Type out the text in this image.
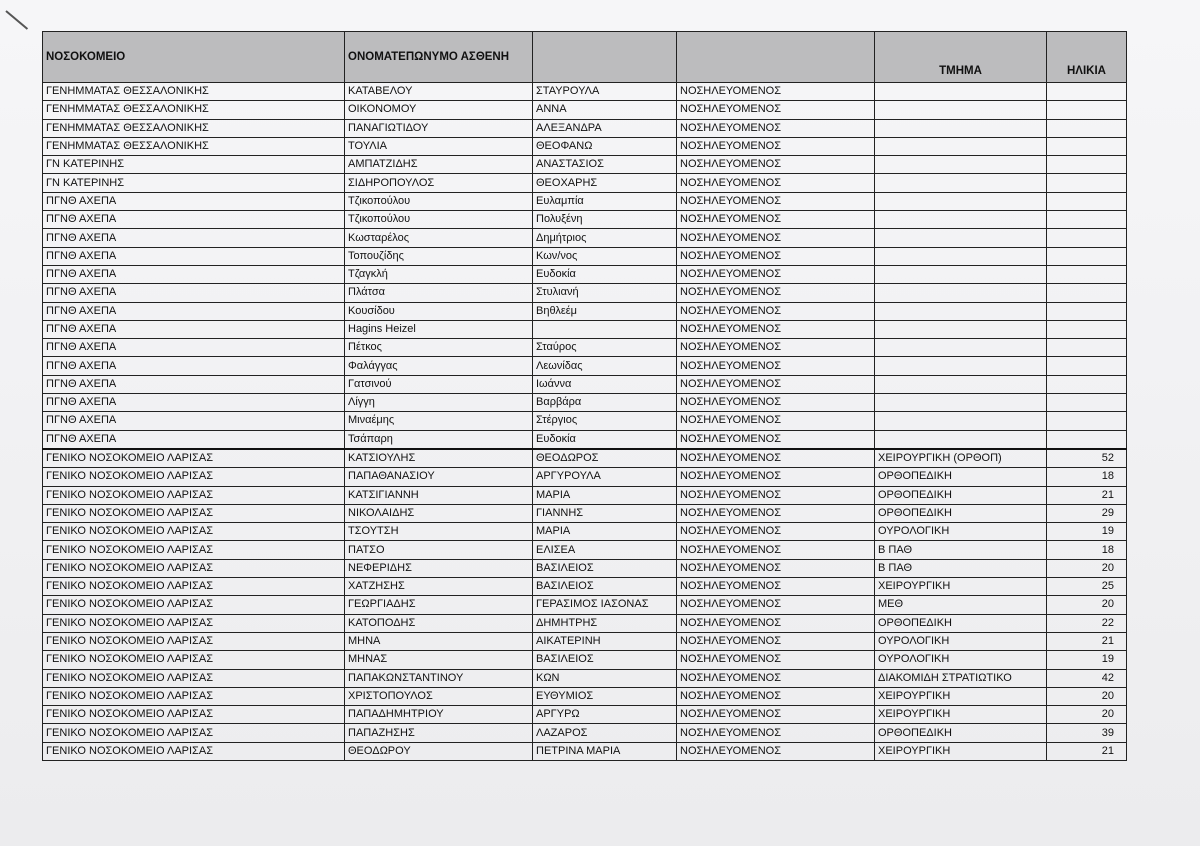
ΝΟΣΟΚΟΜΕΙΟ	ΟΝΟΜΑΤΕΠΩΝΥΜΟ ΑΣΘΕΝΗ			ΤΜΗΜΑ	ΗΛΙΚΙΑ
ΓΕΝΗΜΜΑΤΑΣ ΘΕΣΣΑΛΟΝΙΚΗΣ	ΚΑΤΑΒΕΛΟΥ	ΣΤΑΥΡΟΥΛΑ	ΝΟΣΗΛΕΥΟΜΕΝΟΣ		
ΓΕΝΗΜΜΑΤΑΣ ΘΕΣΣΑΛΟΝΙΚΗΣ	ΟΙΚΟΝΟΜΟΥ	ΑΝΝΑ	ΝΟΣΗΛΕΥΟΜΕΝΟΣ		
ΓΕΝΗΜΜΑΤΑΣ ΘΕΣΣΑΛΟΝΙΚΗΣ	ΠΑΝΑΓΙΩΤΙΔΟΥ	ΑΛΕΞΑΝΔΡΑ	ΝΟΣΗΛΕΥΟΜΕΝΟΣ		
ΓΕΝΗΜΜΑΤΑΣ ΘΕΣΣΑΛΟΝΙΚΗΣ	ΤΟΥΛΙΑ	ΘΕΟΦΑΝΩ	ΝΟΣΗΛΕΥΟΜΕΝΟΣ		
ΓΝ ΚΑΤΕΡΙΝΗΣ	ΑΜΠΑΤΖΙΔΗΣ	ΑΝΑΣΤΑΣΙΟΣ	ΝΟΣΗΛΕΥΟΜΕΝΟΣ		
ΓΝ ΚΑΤΕΡΙΝΗΣ	ΣΙΔΗΡΟΠΟΥΛΟΣ	ΘΕΟΧΑΡΗΣ	ΝΟΣΗΛΕΥΟΜΕΝΟΣ		
ΠΓΝΘ ΑΧΕΠΑ	Τζικοπούλου	Ευλαμπία	ΝΟΣΗΛΕΥΟΜΕΝΟΣ		
ΠΓΝΘ ΑΧΕΠΑ	Τζικοπούλου	Πολυξένη	ΝΟΣΗΛΕΥΟΜΕΝΟΣ		
ΠΓΝΘ ΑΧΕΠΑ	Κωσταρέλος	Δημήτριος	ΝΟΣΗΛΕΥΟΜΕΝΟΣ		
ΠΓΝΘ ΑΧΕΠΑ	Τοπουζίδης	Κων/νος	ΝΟΣΗΛΕΥΟΜΕΝΟΣ		
ΠΓΝΘ ΑΧΕΠΑ	Τζαγκλή	Ευδοκία	ΝΟΣΗΛΕΥΟΜΕΝΟΣ		
ΠΓΝΘ ΑΧΕΠΑ	Πλάτσα	Στυλιανή	ΝΟΣΗΛΕΥΟΜΕΝΟΣ		
ΠΓΝΘ ΑΧΕΠΑ	Κουσίδου	Βηθλεέμ	ΝΟΣΗΛΕΥΟΜΕΝΟΣ		
ΠΓΝΘ ΑΧΕΠΑ	Hagins Heizel		ΝΟΣΗΛΕΥΟΜΕΝΟΣ		
ΠΓΝΘ ΑΧΕΠΑ	Πέτκος	Σταύρος	ΝΟΣΗΛΕΥΟΜΕΝΟΣ		
ΠΓΝΘ ΑΧΕΠΑ	Φαλάγγας	Λεωνίδας	ΝΟΣΗΛΕΥΟΜΕΝΟΣ		
ΠΓΝΘ ΑΧΕΠΑ	Γατσινού	Ιωάννα	ΝΟΣΗΛΕΥΟΜΕΝΟΣ		
ΠΓΝΘ ΑΧΕΠΑ	Λίγγη	Βαρβάρα	ΝΟΣΗΛΕΥΟΜΕΝΟΣ		
ΠΓΝΘ ΑΧΕΠΑ	Μιναέμης	Στέργιος	ΝΟΣΗΛΕΥΟΜΕΝΟΣ		
ΠΓΝΘ ΑΧΕΠΑ	Τσάπαρη	Ευδοκία	ΝΟΣΗΛΕΥΟΜΕΝΟΣ		
ΓΕΝΙΚΟ ΝΟΣΟΚΟΜΕΙΟ ΛΑΡΙΣΑΣ	ΚΑΤΣΙΟΥΛΗΣ	ΘΕΟΔΩΡΟΣ	ΝΟΣΗΛΕΥΟΜΕΝΟΣ	ΧΕΙΡΟΥΡΓΙΚΗ (ΟΡΘΟΠ)	52
ΓΕΝΙΚΟ ΝΟΣΟΚΟΜΕΙΟ ΛΑΡΙΣΑΣ	ΠΑΠΑΘΑΝΑΣΙΟΥ	ΑΡΓΥΡΟΥΛΑ	ΝΟΣΗΛΕΥΟΜΕΝΟΣ	ΟΡΘΟΠΕΔΙΚΗ	18
ΓΕΝΙΚΟ ΝΟΣΟΚΟΜΕΙΟ ΛΑΡΙΣΑΣ	ΚΑΤΣΙΓΙΑΝΝΗ	ΜΑΡΙΑ	ΝΟΣΗΛΕΥΟΜΕΝΟΣ	ΟΡΘΟΠΕΔΙΚΗ	21
ΓΕΝΙΚΟ ΝΟΣΟΚΟΜΕΙΟ ΛΑΡΙΣΑΣ	ΝΙΚΟΛΑΙΔΗΣ	ΓΙΑΝΝΗΣ	ΝΟΣΗΛΕΥΟΜΕΝΟΣ	ΟΡΘΟΠΕΔΙΚΗ	29
ΓΕΝΙΚΟ ΝΟΣΟΚΟΜΕΙΟ ΛΑΡΙΣΑΣ	ΤΣΟΥΤΣΗ	ΜΑΡΙΑ	ΝΟΣΗΛΕΥΟΜΕΝΟΣ	ΟΥΡΟΛΟΓΙΚΗ	19
ΓΕΝΙΚΟ ΝΟΣΟΚΟΜΕΙΟ ΛΑΡΙΣΑΣ	ΠΑΤΣΟ	ΕΛΙΣΕΑ	ΝΟΣΗΛΕΥΟΜΕΝΟΣ	Β ΠΑΘ	18
ΓΕΝΙΚΟ ΝΟΣΟΚΟΜΕΙΟ ΛΑΡΙΣΑΣ	ΝΕΦΕΡΙΔΗΣ	ΒΑΣΙΛΕΙΟΣ	ΝΟΣΗΛΕΥΟΜΕΝΟΣ	Β ΠΑΘ	20
ΓΕΝΙΚΟ ΝΟΣΟΚΟΜΕΙΟ ΛΑΡΙΣΑΣ	ΧΑΤΖΗΣΗΣ	ΒΑΣΙΛΕΙΟΣ	ΝΟΣΗΛΕΥΟΜΕΝΟΣ	ΧΕΙΡΟΥΡΓΙΚΗ	25
ΓΕΝΙΚΟ ΝΟΣΟΚΟΜΕΙΟ ΛΑΡΙΣΑΣ	ΓΕΩΡΓΙΑΔΗΣ	ΓΕΡΑΣΙΜΟΣ ΙΑΣΟΝΑΣ	ΝΟΣΗΛΕΥΟΜΕΝΟΣ	ΜΕΘ	20
ΓΕΝΙΚΟ ΝΟΣΟΚΟΜΕΙΟ ΛΑΡΙΣΑΣ	ΚΑΤΟΠΟΔΗΣ	ΔΗΜΗΤΡΗΣ	ΝΟΣΗΛΕΥΟΜΕΝΟΣ	ΟΡΘΟΠΕΔΙΚΗ	22
ΓΕΝΙΚΟ ΝΟΣΟΚΟΜΕΙΟ ΛΑΡΙΣΑΣ	ΜΗΝΑ	ΑΙΚΑΤΕΡΙΝΗ	ΝΟΣΗΛΕΥΟΜΕΝΟΣ	ΟΥΡΟΛΟΓΙΚΗ	21
ΓΕΝΙΚΟ ΝΟΣΟΚΟΜΕΙΟ ΛΑΡΙΣΑΣ	ΜΗΝΑΣ	ΒΑΣΙΛΕΙΟΣ	ΝΟΣΗΛΕΥΟΜΕΝΟΣ	ΟΥΡΟΛΟΓΙΚΗ	19
ΓΕΝΙΚΟ ΝΟΣΟΚΟΜΕΙΟ ΛΑΡΙΣΑΣ	ΠΑΠΑΚΩΝΣΤΑΝΤΙΝΟΥ	ΚΩΝ	ΝΟΣΗΛΕΥΟΜΕΝΟΣ	ΔΙΑΚΟΜΙΔΗ ΣΤΡΑΤΙΩΤΙΚΟ	42
ΓΕΝΙΚΟ ΝΟΣΟΚΟΜΕΙΟ ΛΑΡΙΣΑΣ	ΧΡΙΣΤΟΠΟΥΛΟΣ	ΕΥΘΥΜΙΟΣ	ΝΟΣΗΛΕΥΟΜΕΝΟΣ	ΧΕΙΡΟΥΡΓΙΚΗ	20
ΓΕΝΙΚΟ ΝΟΣΟΚΟΜΕΙΟ ΛΑΡΙΣΑΣ	ΠΑΠΑΔΗΜΗΤΡΙΟΥ	ΑΡΓΥΡΩ	ΝΟΣΗΛΕΥΟΜΕΝΟΣ	ΧΕΙΡΟΥΡΓΙΚΗ	20
ΓΕΝΙΚΟ ΝΟΣΟΚΟΜΕΙΟ ΛΑΡΙΣΑΣ	ΠΑΠΑΖΗΣΗΣ	ΛΑΖΑΡΟΣ	ΝΟΣΗΛΕΥΟΜΕΝΟΣ	ΟΡΘΟΠΕΔΙΚΗ	39
ΓΕΝΙΚΟ ΝΟΣΟΚΟΜΕΙΟ ΛΑΡΙΣΑΣ	ΘΕΟΔΩΡΟΥ	ΠΕΤΡΙΝΑ ΜΑΡΙΑ	ΝΟΣΗΛΕΥΟΜΕΝΟΣ	ΧΕΙΡΟΥΡΓΙΚΗ	21
